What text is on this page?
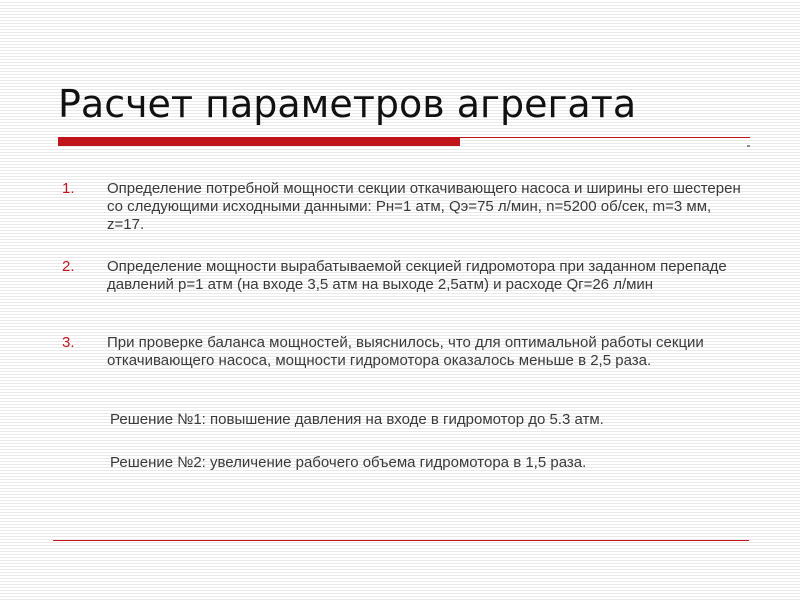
Расчет параметров агрегата
1. Определение потребной мощности секции откачивающего насоса и ширины его шестерен со следующими исходными данными: Рн=1 атм, Qэ=75 л/мин, n=5200 об/сек, m=3 мм, z=17.
2. Определение мощности вырабатываемой секцией гидромотора при заданном перепаде давлений р=1 атм (на входе 3,5 атм на выходе 2,5атм) и расходе Qг=26 л/мин
3. При проверке баланса мощностей, выяснилось, что для оптимальной работы секции откачивающего насоса, мощности гидромотора оказалось меньше в 2,5 раза.
Решение №1: повышение давления на входе в гидромотор до 5.3 атм.
Решение №2: увеличение рабочего объема гидромотора в 1,5 раза.
